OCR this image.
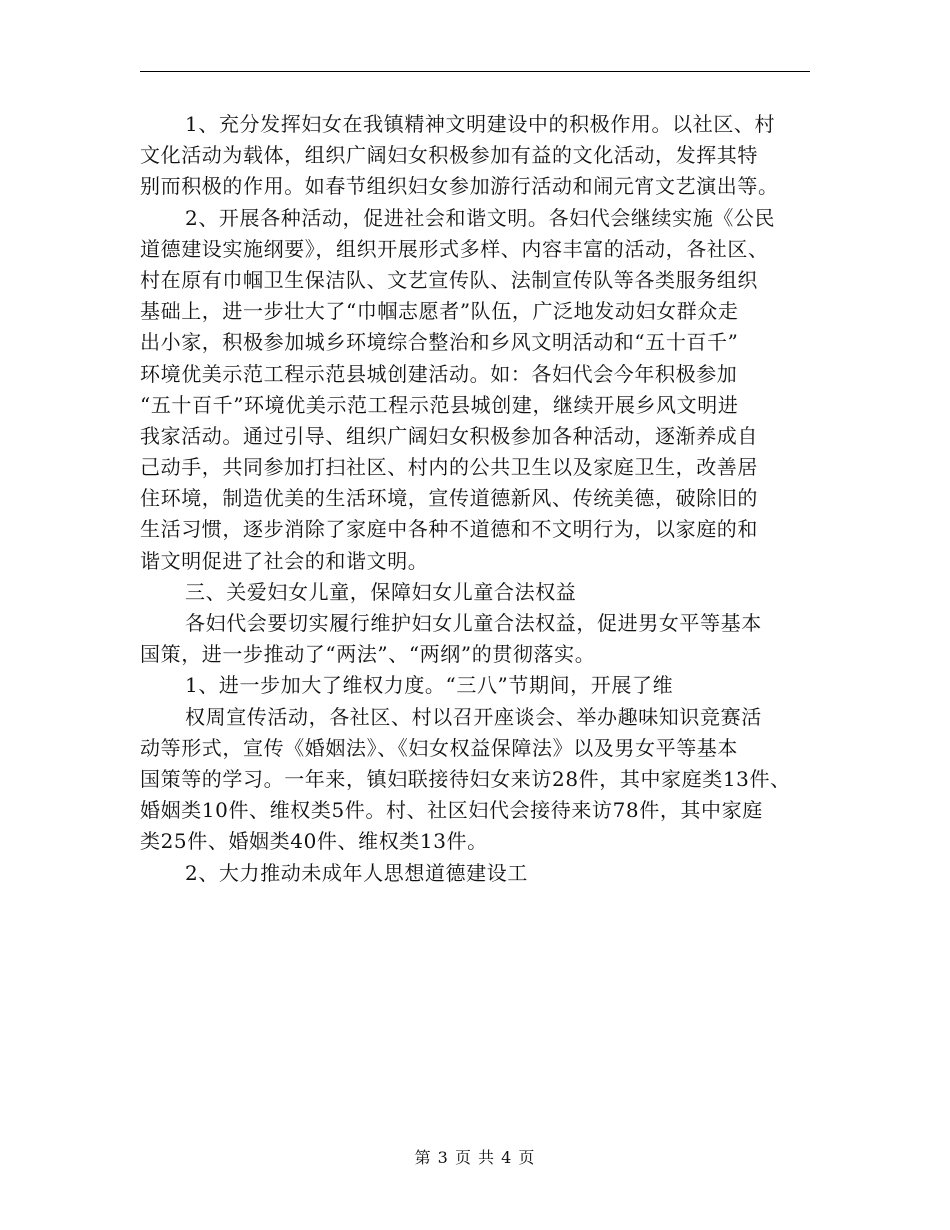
1、充分发挥妇女在我镇精神文明建设中的积极作用。以社区、村
文化活动为载体，组织广阔妇女积极参加有益的文化活动，发挥其特
别而积极的作用。如春节组织妇女参加游行活动和闹元宵文艺演出等。
2、开展各种活动，促进社会和谐文明。各妇代会继续实施《公民
道德建设实施纲要》，组织开展形式多样、内容丰富的活动，各社区、
村在原有巾帼卫生保洁队、文艺宣传队、法制宣传队等各类服务组织
基础上，进一步壮大了“巾帼志愿者”队伍，广泛地发动妇女群众走
出小家，积极参加城乡环境综合整治和乡风文明活动和“五十百千”
环境优美示范工程示范县城创建活动。如：各妇代会今年积极参加
“五十百千”环境优美示范工程示范县城创建，继续开展乡风文明进
我家活动。通过引导、组织广阔妇女积极参加各种活动，逐渐养成自
己动手，共同参加打扫社区、村内的公共卫生以及家庭卫生，改善居
住环境，制造优美的生活环境，宣传道德新风、传统美德，破除旧的
生活习惯，逐步消除了家庭中各种不道德和不文明行为，以家庭的和
谐文明促进了社会的和谐文明。
三、关爱妇女儿童，保障妇女儿童合法权益
各妇代会要切实履行维护妇女儿童合法权益，促进男女平等基本
国策，进一步推动了“两法”、“两纲”的贯彻落实。
1、进一步加大了维权力度。“三八”节期间，开展了维
权周宣传活动，各社区、村以召开座谈会、举办趣味知识竞赛活
动等形式，宣传《婚姻法》、《妇女权益保障法》以及男女平等基本
国策等的学习。一年来，镇妇联接待妇女来访28件，其中家庭类13件、
婚姻类10件、维权类5件。村、社区妇代会接待来访78件，其中家庭
类25件、婚姻类40件、维权类13件。
2、大力推动未成年人思想道德建设工
第 3 页 共 4 页
